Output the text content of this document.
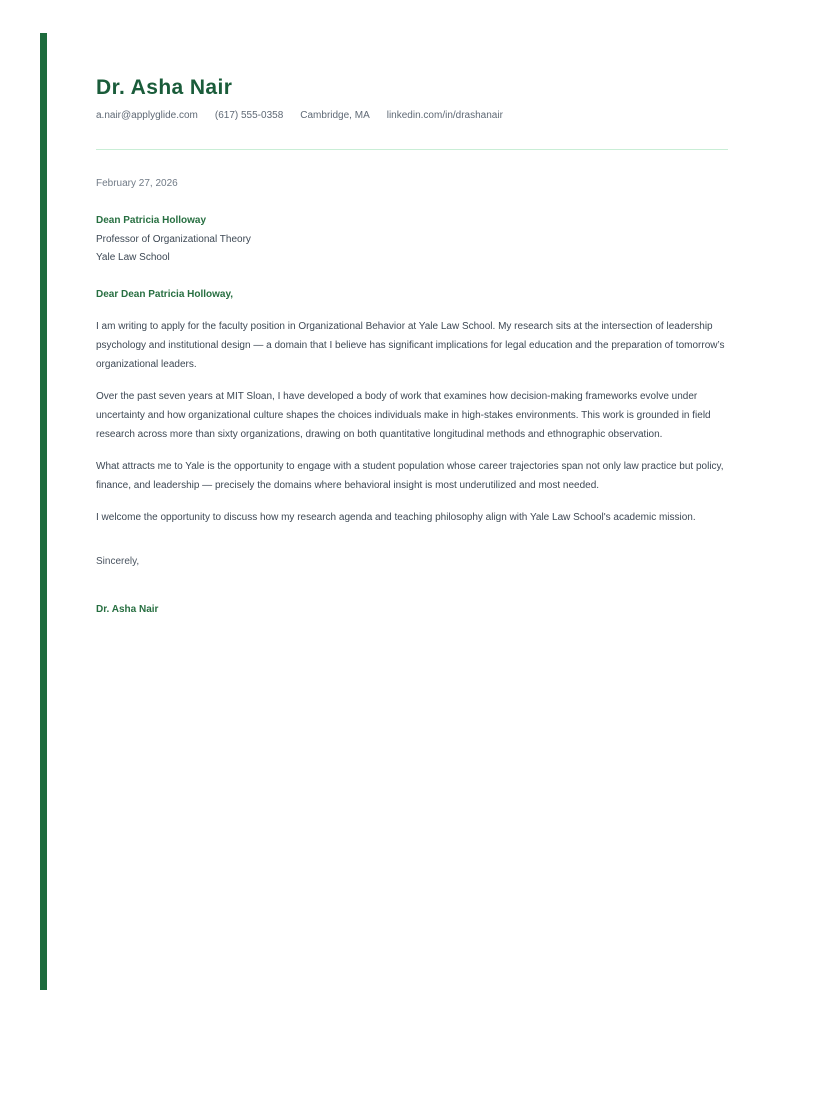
Dr. Asha Nair
a.nair@applyglide.com (617) 555-0358 Cambridge, MA linkedin.com/in/drashanair
February 27, 2026
Dean Patricia Holloway
Professor of Organizational Theory
Yale Law School
Dear Dean Patricia Holloway,

I am writing to apply for the faculty position in Organizational Behavior at Yale Law School. My research sits at the intersection of leadership psychology and institutional design — a domain that I believe has significant implications for legal education and the preparation of tomorrow’s organizational leaders.

Over the past seven years at MIT Sloan, I have developed a body of work that examines how decision-making frameworks evolve under uncertainty and how organizational culture shapes the choices individuals make in high-stakes environments. This work is grounded in field research across more than sixty organizations, drawing on both quantitative longitudinal methods and ethnographic observation.

What attracts me to Yale is the opportunity to engage with a student population whose career trajectories span not only law practice but policy, finance, and leadership — precisely the domains where behavioral insight is most underutilized and most needed.

I welcome the opportunity to discuss how my research agenda and teaching philosophy align with Yale Law School's academic mission.

Sincerely,
Dr. Asha Nair
